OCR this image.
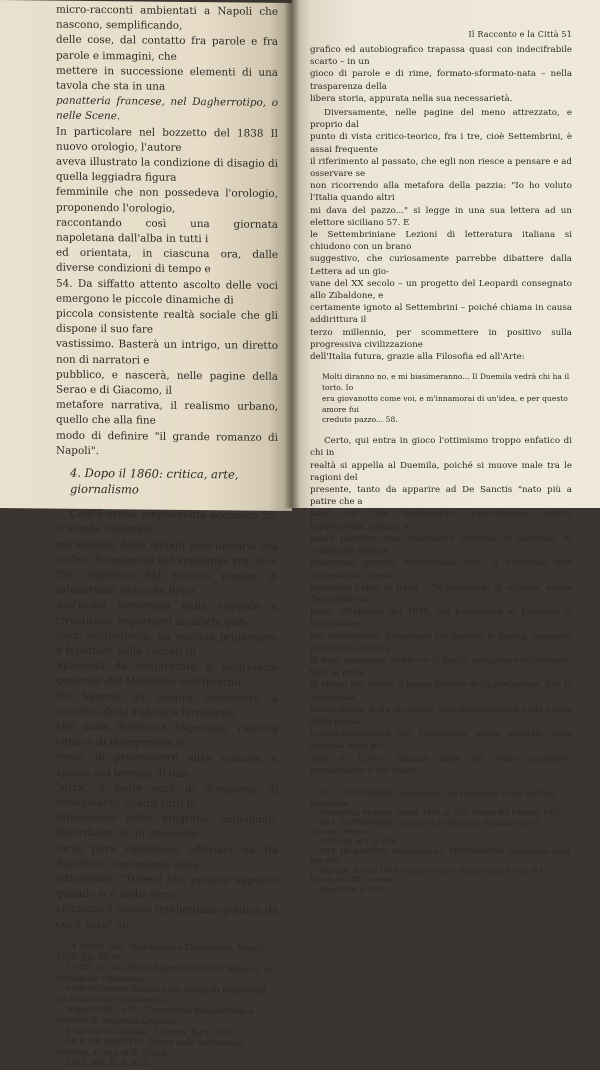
micro-racconti ambientati a Napoli che nascono, semplificando,

delle cose, dal contatto fra parole e fra parole e immagini, che

mettere in successione elementi di una tavola che sta in una

panatteria francese, nel Dagherrotipo, o nelle Scene.

In particolare nel bozzetto del 1838 Il nuovo orologio, l'autore

aveva illustrato la condizione di disagio di quella leggiadra figura

femminile che non possedeva l'orologio, proponendo l'orologio,

raccontando così una giornata napoletana dall'alba in tutti i

ed orientata, in ciascuna ora, dalle diverse condizioni di tempo e

54. Da siffatto attento ascolto delle voci emergono le piccole dinamiche di

piccola consistente realtà sociale che gli dispone il suo fare

vastissimo. Basterà un intrigo, un diretto non di narratori e

pubblico, e nascerà, nelle pagine della Serao e di Giacomo, il

metafore narrativa, il realismo urbano, quello che alla fine

modo di definire "il grande romanzo di Napoli".

4. Dopo il 1860: critica, arte, giornalismo

Com'è ormai ampiamente acquisito 55, il mondo culturale

partenopeo della Napoli post-unitaria era andato formandosi nel ventennio tra '40 e

'60, espresso dal piccolo nucleo di intellettuali lieto che dopo

dall'esilio tornarono nella capitale e rivestirono importanti incarichi pub-

blici. Settembrini, da vecchio prigioniero a Ispettore delle carceri di

Spaventa da cospiratore a Segretario generale del Ministero dell'Interno,

De Sanctis da povero professore a ministro della Pubblica Istruzione,

che dalla dialettica hegeliana, riuscirà capace di interpretare il

reale, di promuovere altra cultura, e spesso nei termini di una

'altra', a patto però di dissiparsi, di consumarsi, intenti tutti in

dimensione delle biografie individuali. Ricordiamo sì, in proposito

forse pura riflessione offertaci da De Sanctis a conclusione della

letteratura: "Diresti che proprio appunto quando si è tutto ricco,

sformato il mondo intellettuale-politico da cui è nata" 56.

54 Scritti vari, Stabilimento Tipografico, Napoli 1859, pp. 49 ss.

55 Cfr. G. GALASSO, Napoli nell'Unità italiana, in Immagine e memoria

nelle collezioni Alinari e nei fotografi napoletani fra Ottocento e Novecento,

Napoli 1981; e ID., Tradizione metamorfosi e identità di un'antica Capitale,

a cura di G. Galasso, Laterza, Bari 1987.

56 F. DE SANCTIS, Storia della letteratura italiana, a cura di B. Croce,

1912, vol. II, p. 417.

Il Racconto e la Città 51

grafico ed autobiografico trapassa quasi con indecifrabile scarto – in un

gioco di parole e di rime, formato-sformato-nata – nella trasparenza della

libera storia, appurata nella sua necessarietà.

Diversamente, nelle pagine del meno attrezzato, e proprio dal

punto di vista critico-teorico, fra i tre, cioè Settembrini, è assai frequente

il riferimento al passato, che egli non riesce a pensare e ad osservare se

non ricorrendo alla metafora della pazzia: "Io ho voluto l'Italia quando altri

mi dava del pazzo..." si legge in una sua lettera ad un elettore siciliano 57. E

le Settembriniane Lezioni di letteratura italiana si chiudono con un brano

suggestivo, che curiosamente parrebbe dibattere dalla Lettera ad un gio-

vane del XX secolo – un progetto del Leopardi consegnato allo Zibaldone, e

certamente ignoto al Settembrini – poiché chiama in causa addirittura il

terzo millennio, per scommettere in positivo sulla progressiva civilizzazione

dell'Italia futura, grazie alla Filosofia ed all'Arte:

Molti diranno no, e mi biasimeranno... Il Duemila vedrà chi ha il torto. Io
era giovanotto come voi, e m'innamorai di un'idea, e per questo amore fui
creduto pazzo... 58.

Certo, qui entra in gioco l'ottimismo troppo enfatico di chi in

realtà si appella al Duemila, poiché si muove male tra le ragioni del

presente, tanto da apparire ad De Sanctis "nato più a patire che a

fare" 59. Ma Settembrini, ricordiamolo subito, rappresenta, magari in

modo patetico, una condizione comune, in sostanza, al composito eppure

omogeneo gruppo intellettuale che, si vorrebbe dire esagerando, aveva

inventato l'idea di Italia – "m'innamorai di un'idea" aveva detto Settem-

brini. All'altezza del 1879, nel presentare al pubblico le Ricordanze

del Settembrini, Francesco De Sanctis si faceva, appunto, percipace analista

di quel passaggio storico e di quella mutazione individuale. Vale la pena

di citare per intero il passo iniziale della prefazione, per la sommessa

compiutezza della scrittura, così determinante nella storia della prosa

critico-moralistica del Novecento, quale sarebbe stata assunta nelle pa-

gine di Croce, innanzi tutto nel ritmo narrativo-enumerativo e nel topos

57 L. SETTEMBRINI, Epistolario, con Prefazione e note del Prof. Francesco

Fiorentino, Morano, Napoli 1889, p. XIX, lettera del 6 marzo 1867.

58 L. SETTEMBRINI, Lezioni di Letteratura Italiana, vol. III, Morano, Napoli

1876 (2a ed.), p. 434.

59 F. DE SANCTIS, Prefazione a L. SETTEMBRINI, Ricordanze della mia vita,

Morano, Napoli 1879. Qui la si cita in Saggi critici a cura di L. Russo, vol. III, Laterza,

Bari 1979, p. 250.
